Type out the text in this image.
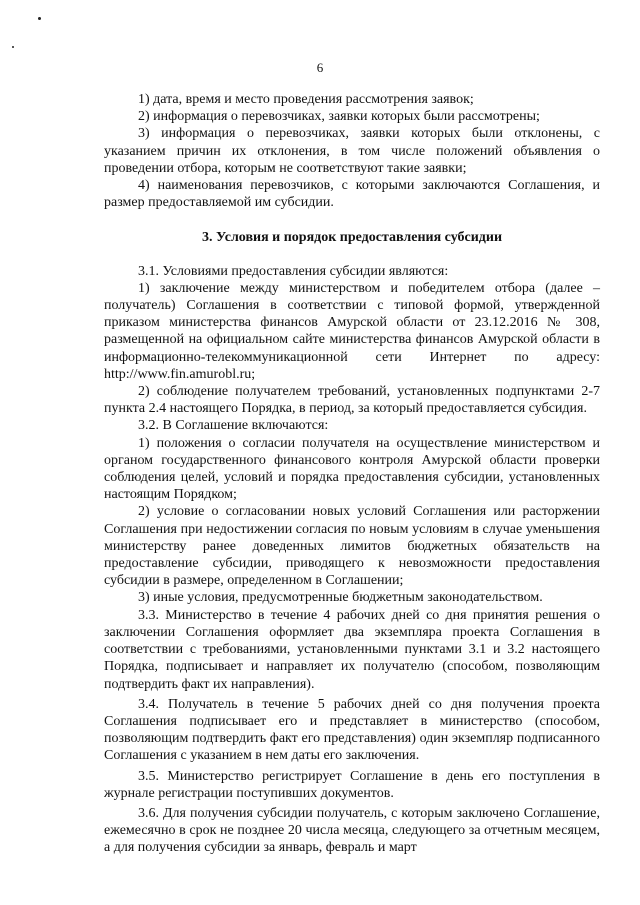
6

1) дата, время и место проведения рассмотрения заявок;

2) информация о перевозчиках, заявки которых были рассмотрены;

3) информация о перевозчиках, заявки которых были отклонены, с указанием причин их отклонения, в том числе положений объявления о проведении отбора, которым не соответствуют такие заявки;

4) наименования перевозчиков, с которыми заключаются Соглашения, и размер предоставляемой им субсидии.

3. Условия и порядок предоставления субсидии

3.1. Условиями предоставления субсидии являются:

1) заключение между министерством и победителем отбора (далее – получатель) Соглашения в соответствии с типовой формой, утвержденной приказом министерства финансов Амурской области от 23.12.2016 № 308, размещенной на официальном сайте министерства финансов Амурской области в информационно-телекоммуникационной сети Интернет по адресу: http://www.fin.amurobl.ru;

2) соблюдение получателем требований, установленных подпунктами 2-7 пункта 2.4 настоящего Порядка, в период, за который предоставляется субсидия.

3.2. В Соглашение включаются:

1) положения о согласии получателя на осуществление министерством и органом государственного финансового контроля Амурской области проверки соблюдения целей, условий и порядка предоставления субсидии, установленных настоящим Порядком;

2) условие о согласовании новых условий Соглашения или расторжении Соглашения при недостижении согласия по новым условиям в случае уменьшения министерству ранее доведенных лимитов бюджетных обязательств на предоставление субсидии, приводящего к невозможности предоставления субсидии в размере, определенном в Соглашении;

3) иные условия, предусмотренные бюджетным законодательством.

3.3. Министерство в течение 4 рабочих дней со дня принятия решения о заключении Соглашения оформляет два экземпляра проекта Соглашения в соответствии с требованиями, установленными пунктами 3.1 и 3.2 настоящего Порядка, подписывает и направляет их получателю (способом, позволяющим подтвердить факт их направления).

3.4. Получатель в течение 5 рабочих дней со дня получения проекта Соглашения подписывает его и представляет в министерство (способом, позволяющим подтвердить факт его представления) один экземпляр подписанного Соглашения с указанием в нем даты его заключения.

3.5. Министерство регистрирует Соглашение в день его поступления в журнале регистрации поступивших документов.

3.6. Для получения субсидии получатель, с которым заключено Соглашение, ежемесячно в срок не позднее 20 числа месяца, следующего за отчетным месяцем, а для получения субсидии за январь, февраль и март
